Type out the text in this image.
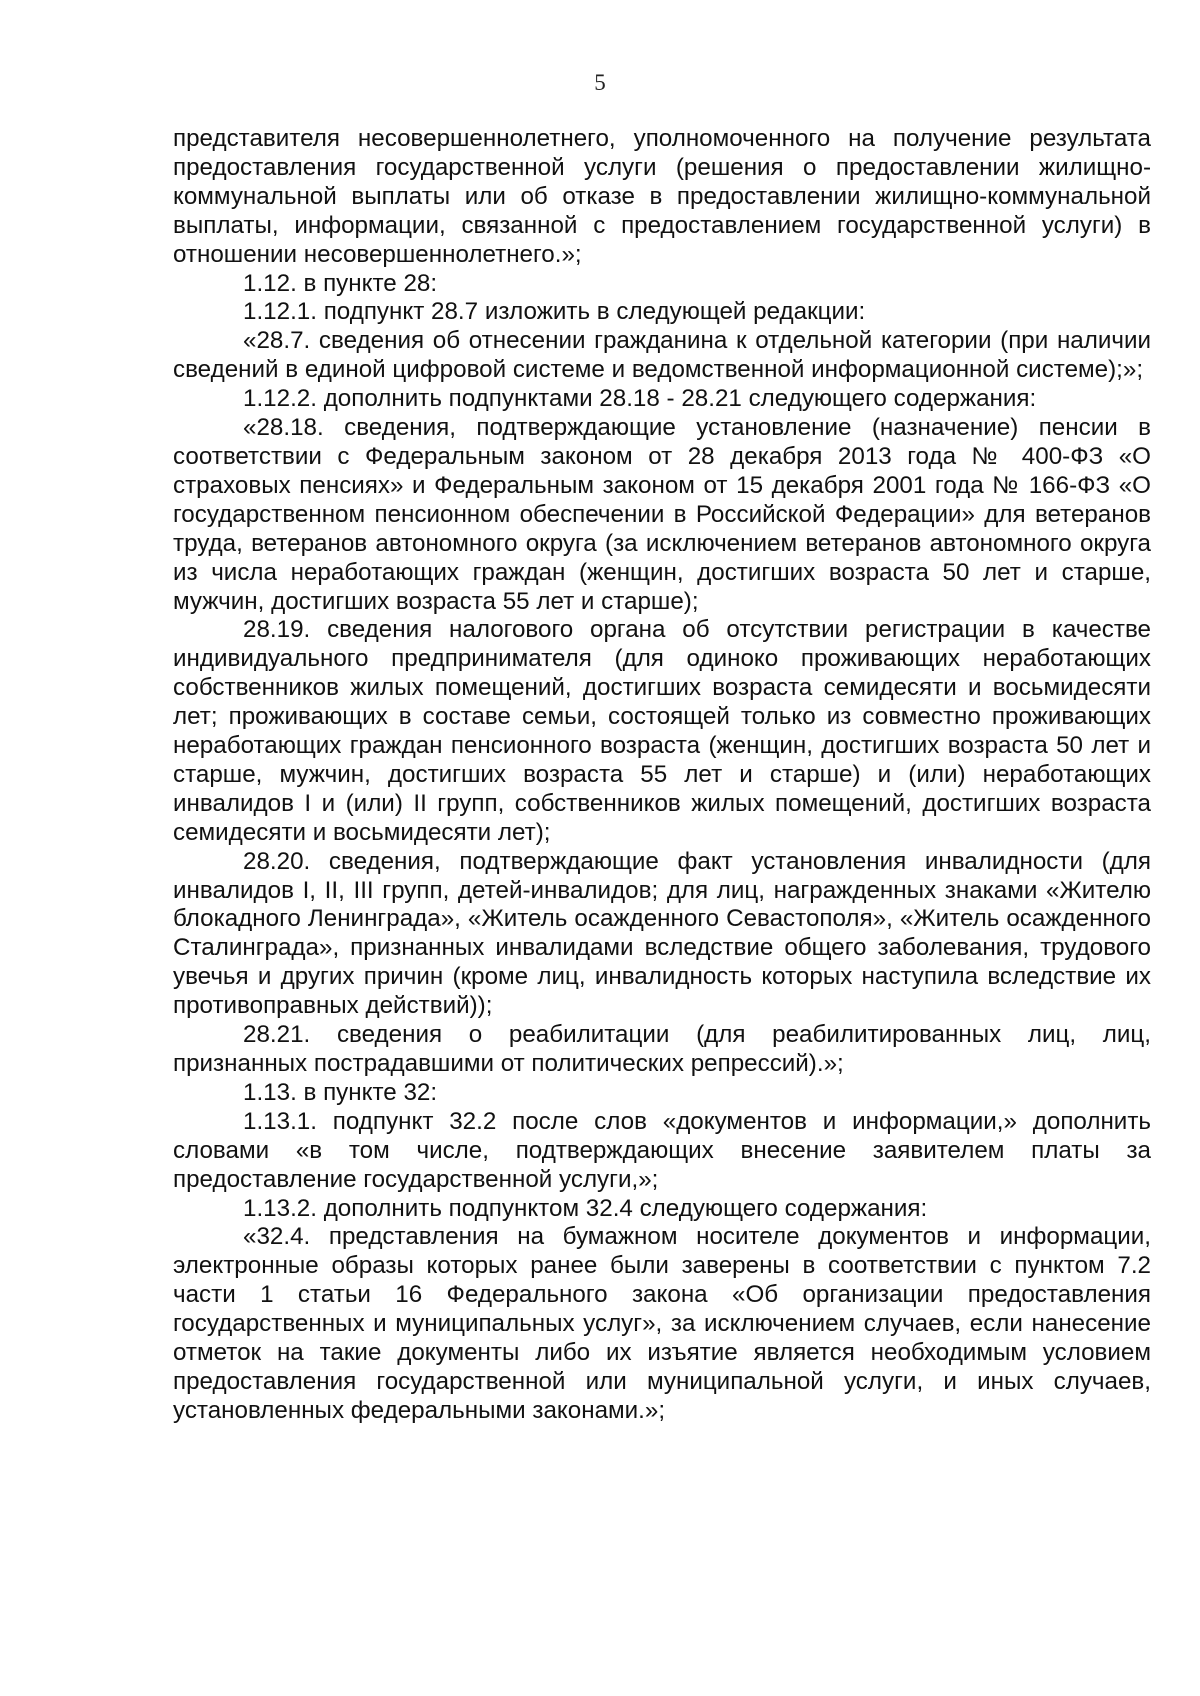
5

представителя несовершеннолетнего, уполномоченного на получение результата предоставления государственной услуги (решения о предоставлении жилищно-коммунальной выплаты или об отказе в предоставлении жилищно-коммунальной выплаты, информации, связанной с предоставлением государственной услуги) в отношении несовершеннолетнего.»;

1.12. в пункте 28:

1.12.1. подпункт 28.7 изложить в следующей редакции:

«28.7. сведения об отнесении гражданина к отдельной категории (при наличии сведений в единой цифровой системе и ведомственной информационной системе);»;

1.12.2. дополнить подпунктами 28.18 - 28.21 следующего содержания:

«28.18. сведения, подтверждающие установление (назначение) пенсии в соответствии с Федеральным законом от 28 декабря 2013 года № 400-ФЗ «О страховых пенсиях» и Федеральным законом от 15 декабря 2001 года № 166-ФЗ «О государственном пенсионном обеспечении в Российской Федерации» для ветеранов труда, ветеранов автономного округа (за исключением ветеранов автономного округа из числа неработающих граждан (женщин, достигших возраста 50 лет и старше, мужчин, достигших возраста 55 лет и старше);

28.19. сведения налогового органа об отсутствии регистрации в качестве индивидуального предпринимателя (для одиноко проживающих неработающих собственников жилых помещений, достигших возраста семидесяти и восьмидесяти лет; проживающих в составе семьи, состоящей только из совместно проживающих неработающих граждан пенсионного возраста (женщин, достигших возраста 50 лет и старше, мужчин, достигших возраста 55 лет и старше) и (или) неработающих инвалидов I и (или) II групп, собственников жилых помещений, достигших возраста семидесяти и восьмидесяти лет);

28.20. сведения, подтверждающие факт установления инвалидности (для инвалидов I, II, III групп, детей-инвалидов; для лиц, награжденных знаками «Жителю блокадного Ленинграда», «Житель осажденного Севастополя», «Житель осажденного Сталинграда», признанных инвалидами вследствие общего заболевания, трудового увечья и других причин (кроме лиц, инвалидность которых наступила вследствие их противоправных действий));

28.21. сведения о реабилитации (для реабилитированных лиц, лиц, признанных пострадавшими от политических репрессий).»;

1.13. в пункте 32:

1.13.1. подпункт 32.2 после слов «документов и информации,» дополнить словами «в том числе, подтверждающих внесение заявителем платы за предоставление государственной услуги,»;

1.13.2. дополнить подпунктом 32.4 следующего содержания:

«32.4. представления на бумажном носителе документов и информации, электронные образы которых ранее были заверены в соответствии с пунктом 7.2 части 1 статьи 16 Федерального закона «Об организации предоставления государственных и муниципальных услуг», за исключением случаев, если нанесение отметок на такие документы либо их изъятие является необходимым условием предоставления государственной или муниципальной услуги, и иных случаев, установленных федеральными законами.»;
